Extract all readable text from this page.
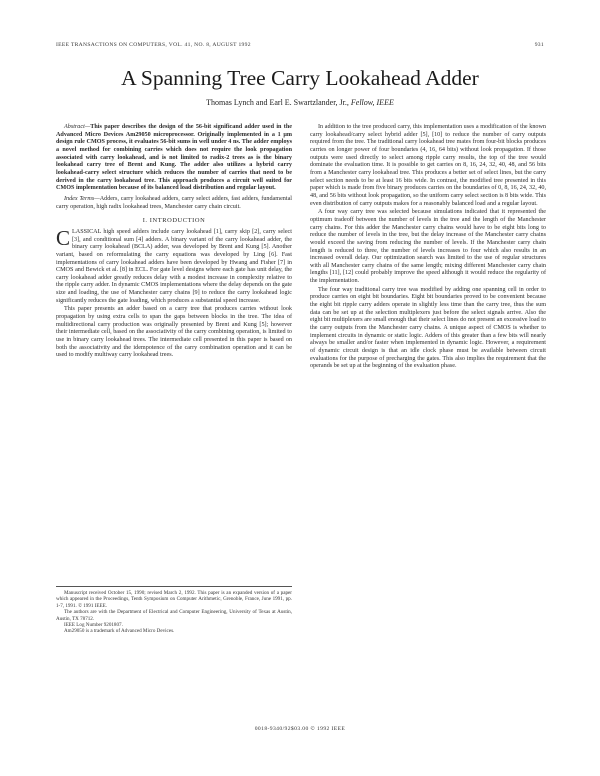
IEEE TRANSACTIONS ON COMPUTERS, VOL. 41, NO. 8, AUGUST 1992	931
A Spanning Tree Carry Lookahead Adder
Thomas Lynch and Earl E. Swartzlander, Jr., Fellow, IEEE

Abstract—This paper describes the design of the 56-bit significand adder used in the Advanced Micro Devices Am29050 microprocessor. Originally implemented in a 1 μm design rule CMOS process, it evaluates 56-bit sums in well under 4 ns. The adder employs a novel method for combining carries which does not require the look propagation associated with carry lookahead, and is not limited to radix-2 trees as is the binary lookahead carry tree of Brent and Kung. The adder also utilizes a hybrid carry lookahead-carry select structure which reduces the number of carries that need to be derived in the carry lookahead tree. This approach produces a circuit well suited for CMOS implementation because of its balanced load distribution and regular layout.

Index Terms—Adders, carry lookahead adders, carry select adders, fast adders, fundamental carry operation, high radix lookahead trees, Manchester carry chain circuit.

I. INTRODUCTION

CLASSICAL high speed adders include carry lookahead [1], carry skip [2], carry select [3], and conditional sum [4] adders. A binary variant of the carry lookahead adder, the binary carry lookahead (BCLA) adder, was developed by Brent and Kung [5]. Another variant, based on reformulating the carry equations was developed by Ling [6]. Fast implementations of carry lookahead adders have been developed by Hwang and Fisher [7] in CMOS and Bewick et al. [8] in ECL. For gate level designs where each gate has unit delay, the carry lookahead adder greatly reduces delay with a modest increase in complexity relative to the ripple carry adder. In dynamic CMOS implementations where the delay depends on the gate size and loading, the use of Manchester carry chains [9] to reduce the carry lookahead logic significantly reduces the gate loading, which produces a substantial speed increase.

This paper presents an adder based on a carry tree that produces carries without look propagation by using extra cells to span the gaps between blocks in the tree. The idea of multidirectional carry production was originally presented by Brent and Kung [5]; however their intermediate cell, based on the associativity of the carry combining operation, is limited to use in binary carry lookahead trees. The intermediate cell presented in this paper is based on both the associativity and the idempotence of the carry combination operation and it can be used to modify multiway carry lookahead trees.

Manuscript received October 15, 1990; revised March 2, 1992. This paper is an expanded version of a paper which appeared in the Proceedings, Tenth Symposium on Computer Arithmetic, Grenoble, France, June 1991, pp. 1-7, 1991. © 1991 IEEE.

The authors are with the Department of Electrical and Computer Engineering, University of Texas at Austin, Austin, TX 78712.

IEEE Log Number 9201807.

Am29050 is a trademark of Advanced Micro Devices.

In addition to the tree produced carry, this implementation uses a modification of the known carry lookahead/carry select hybrid adder [5], [10] to reduce the number of carry outputs required from the tree. The traditional carry lookahead tree mates from four-bit blocks produces carries on longer power of four boundaries (4, 16, 64 bits) without look propagation. If those outputs were used directly to select among ripple carry results, the top of the tree would dominate the evaluation time. It is possible to get carries on 8, 16, 24, 32, 40, 48, and 56 bits from a Manchester carry lookahead tree. This produces a better set of select lines, but the carry select section needs to be at least 16 bits wide. In contrast, the modified tree presented in this paper which is made from five binary produces carries on the boundaries of 0, 8, 16, 24, 32, 40, 48, and 56 bits without look propagation, so the uniform carry select section is 8 bits wide. This even distribution of carry outputs makes for a reasonably balanced load and a regular layout.

A four way carry tree was selected because simulations indicated that it represented the optimum tradeoff between the number of levels in the tree and the length of the Manchester carry chains. For this adder the Manchester carry chains would have to be eight bits long to reduce the number of levels in the tree, but the delay increase of the Manchester carry chains would exceed the saving from reducing the number of levels. If the Manchester carry chain length is reduced to three, the number of levels increases to four which also results in an increased overall delay. Our optimization search was limited to the use of regular structures with all Manchester carry chains of the same length; mixing different Manchester carry chain lengths [11], [12] could probably improve the speed although it would reduce the regularity of the implementation.

The four way traditional carry tree was modified by adding one spanning cell in order to produce carries on eight bit boundaries. Eight bit boundaries proved to be convenient because the eight bit ripple carry adders operate in slightly less time than the carry tree, thus the sum data can be set up at the selection multiplexers just before the select signals arrive. Also the eight bit multiplexers are small enough that their select lines do not present an excessive load to the carry outputs from the Manchester carry chains. A unique aspect of CMOS is whether to implement circuits in dynamic or static logic. Adders of this greater than a few bits will nearly always be smaller and/or faster when implemented in dynamic logic. However, a requirement of dynamic circuit design is that an idle clock phase must be available between circuit evaluations for the purpose of precharging the gates. This also implies the requirement that the operands be set up at the beginning of the evaluation phase.

0018-9340/92$03.00 © 1992 IEEE
